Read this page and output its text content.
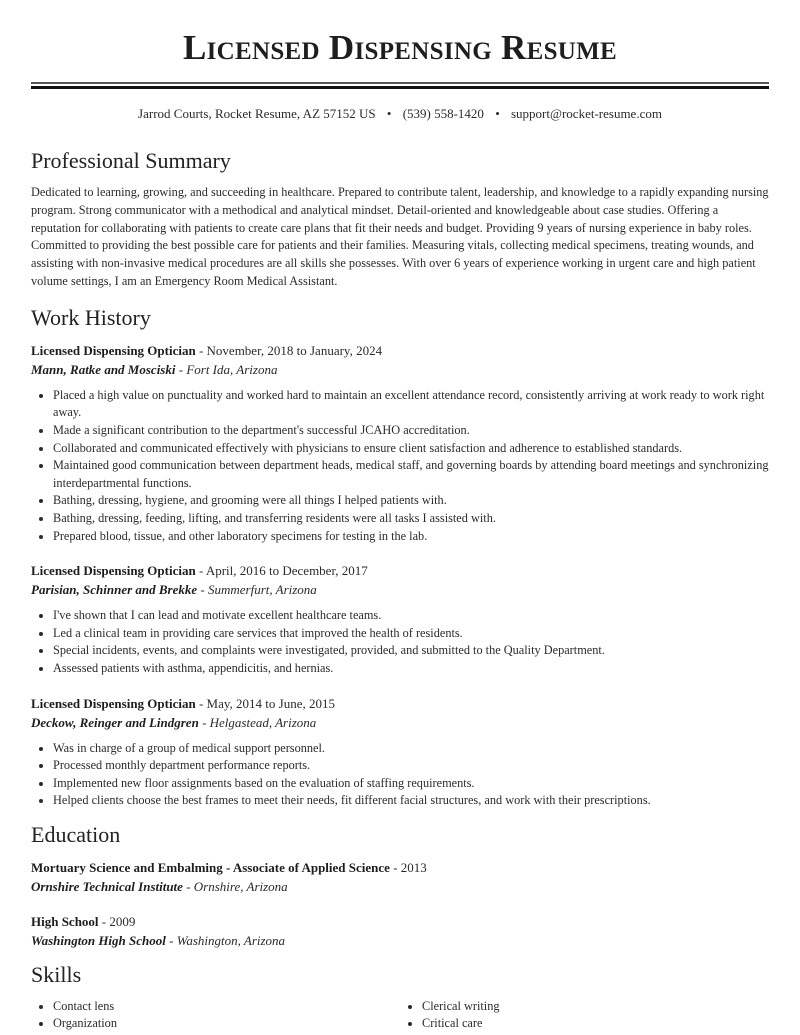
Licensed Dispensing Resume
Jarrod Courts, Rocket Resume, AZ 57152 US • (539) 558-1420 • support@rocket-resume.com
Professional Summary

Dedicated to learning, growing, and succeeding in healthcare. Prepared to contribute talent, leadership, and knowledge to a rapidly expanding nursing program. Strong communicator with a methodical and analytical mindset. Detail-oriented and knowledgeable about case studies. Offering a reputation for collaborating with patients to create care plans that fit their needs and budget. Providing 9 years of nursing experience in baby roles. Committed to providing the best possible care for patients and their families. Measuring vitals, collecting medical specimens, treating wounds, and assisting with non-invasive medical procedures are all skills she possesses. With over 6 years of experience working in urgent care and high patient volume settings, I am an Emergency Room Medical Assistant.

Work History
Licensed Dispensing Optician - November, 2018 to January, 2024
Mann, Ratke and Mosciski - Fort Ida, Arizona
• Placed a high value on punctuality and worked hard to maintain an excellent attendance record, consistently arriving at work ready to work right away.
• Made a significant contribution to the department's successful JCAHO accreditation.
• Collaborated and communicated effectively with physicians to ensure client satisfaction and adherence to established standards.
• Maintained good communication between department heads, medical staff, and governing boards by attending board meetings and synchronizing interdepartmental functions.
• Bathing, dressing, hygiene, and grooming were all things I helped patients with.
• Bathing, dressing, feeding, lifting, and transferring residents were all tasks I assisted with.
• Prepared blood, tissue, and other laboratory specimens for testing in the lab.
Licensed Dispensing Optician - April, 2016 to December, 2017
Parisian, Schinner and Brekke - Summerfurt, Arizona
• I've shown that I can lead and motivate excellent healthcare teams.
• Led a clinical team in providing care services that improved the health of residents.
• Special incidents, events, and complaints were investigated, provided, and submitted to the Quality Department.
• Assessed patients with asthma, appendicitis, and hernias.
Licensed Dispensing Optician - May, 2014 to June, 2015
Deckow, Reinger and Lindgren - Helgastead, Arizona
• Was in charge of a group of medical support personnel.
• Processed monthly department performance reports.
• Implemented new floor assignments based on the evaluation of staffing requirements.
• Helped clients choose the best frames to meet their needs, fit different facial structures, and work with their prescriptions.
Education
Mortuary Science and Embalming - Associate of Applied Science - 2013
Ornshire Technical Institute - Ornshire, Arizona
High School - 2009
Washington High School - Washington, Arizona
Skills
• Contact lens
• Organization
• Clerical writing
• Critical care
